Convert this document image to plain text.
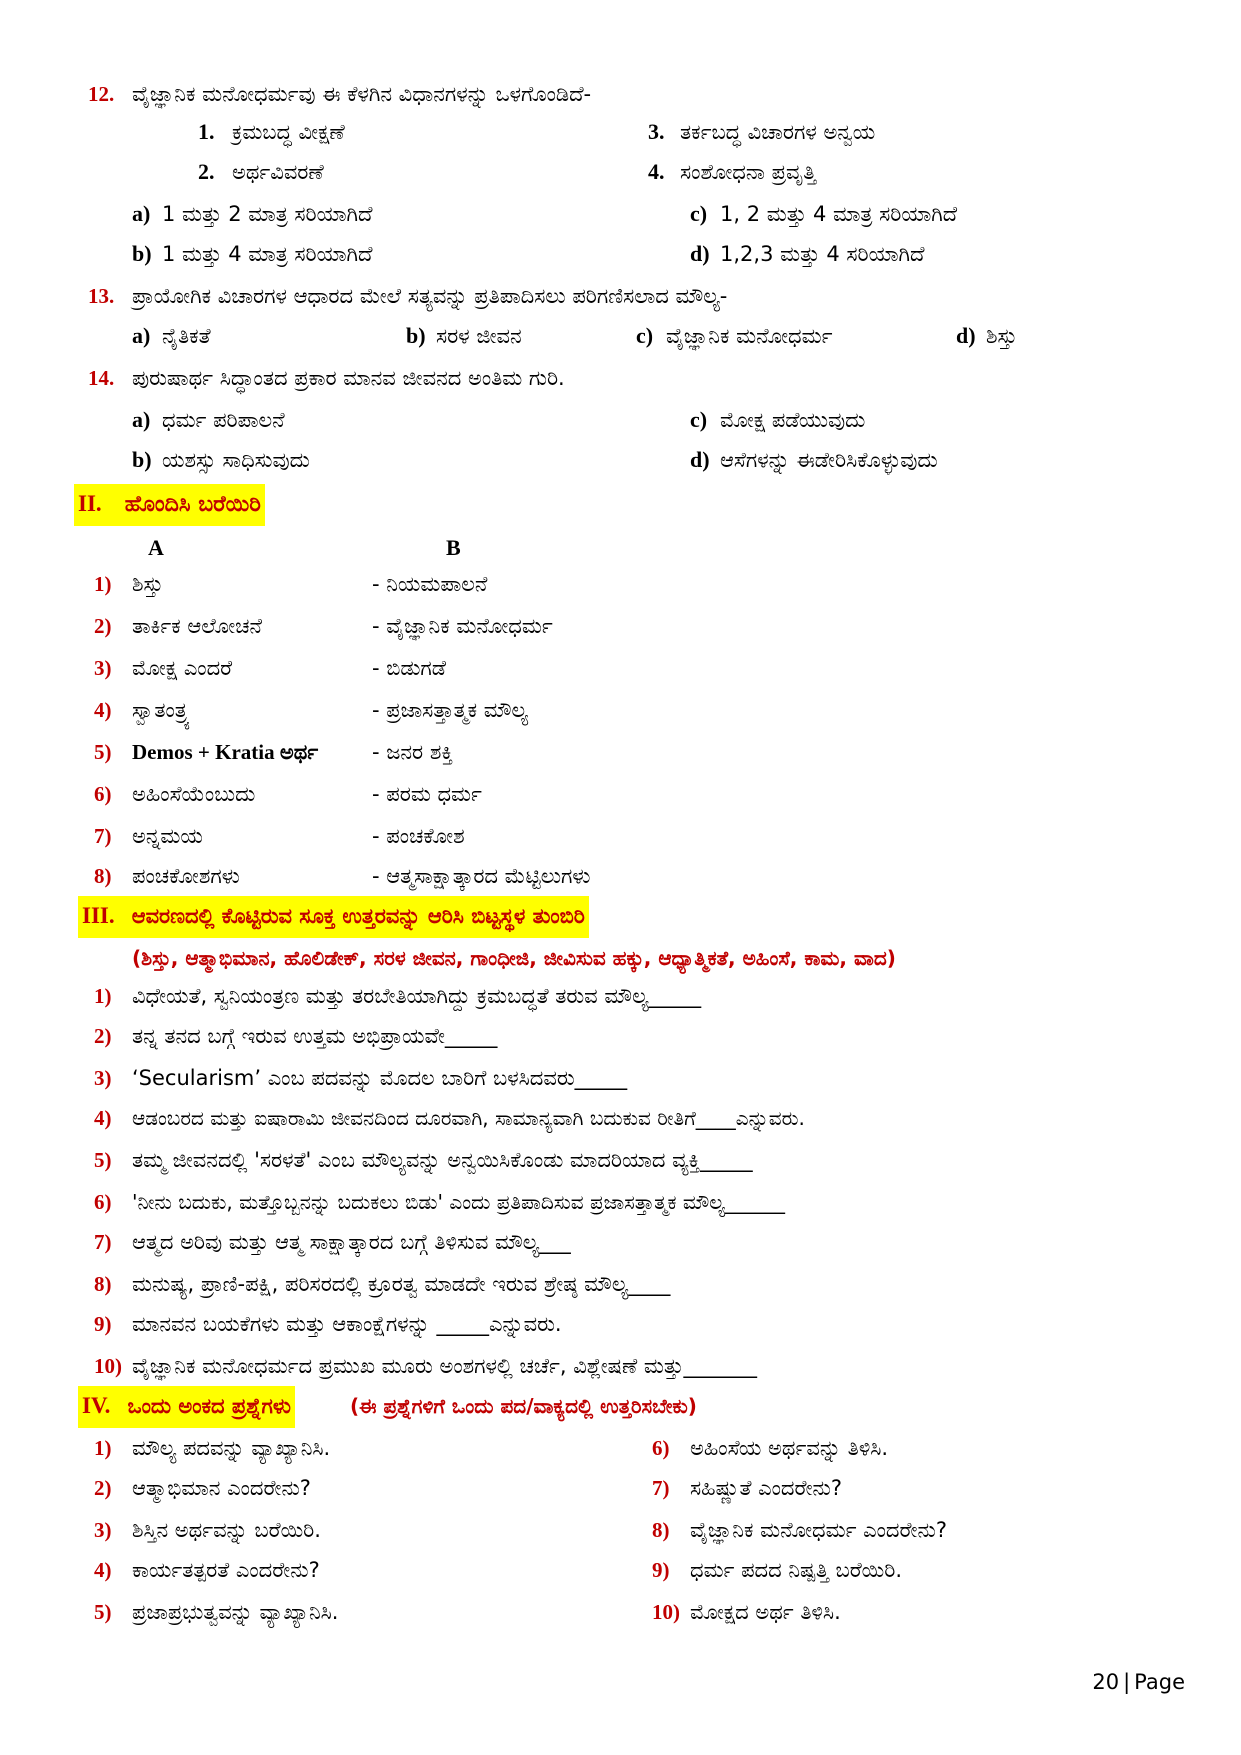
12. ವೈಜ್ಞಾನಿಕ ಮನೋಧರ್ಮವು ಈ ಕೆಳಗಿನ ವಿಧಾನಗಳನ್ನು ಒಳಗೊಂಡಿದೆ-
1. ಕ್ರಮಬದ್ಧ ವೀಕ್ಷಣೆ	3. ತರ್ಕಬದ್ಧ ವಿಚಾರಗಳ ಅನ್ವಯ
2. ಅರ್ಥವಿವರಣೆ	4. ಸಂಶೋಧನಾ ಪ್ರವೃತ್ತಿ
a) 1 ಮತ್ತು 2 ಮಾತ್ರ ಸರಿಯಾಗಿದೆ	c) 1, 2 ಮತ್ತು 4 ಮಾತ್ರ ಸರಿಯಾಗಿದೆ
b) 1 ಮತ್ತು 4 ಮಾತ್ರ ಸರಿಯಾಗಿದೆ	d) 1,2,3 ಮತ್ತು 4 ಸರಿಯಾಗಿದೆ
13. ಪ್ರಾಯೋಗಿಕ ವಿಚಾರಗಳ ಆಧಾರದ ಮೇಲೆ ಸತ್ಯವನ್ನು ಪ್ರತಿಪಾದಿಸಲು ಪರಿಗಣಿಸಲಾದ ಮೌಲ್ಯ-
a) ನೈತಿಕತೆ	b) ಸರಳ ಜೀವನ	c) ವೈಜ್ಞಾನಿಕ ಮನೋಧರ್ಮ	d) ಶಿಸ್ತು
14. ಪುರುಷಾರ್ಥ ಸಿದ್ಧಾಂತದ ಪ್ರಕಾರ ಮಾನವ ಜೀವನದ ಅಂತಿಮ ಗುರಿ.
a) ಧರ್ಮ ಪರಿಪಾಲನೆ	c) ಮೋಕ್ಷ ಪಡೆಯುವುದು
b) ಯಶಸ್ಸು ಸಾಧಿಸುವುದು	d) ಆಸೆಗಳನ್ನು ಈಡೇರಿಸಿಕೊಳ್ಳುವುದು
II. ಹೊಂದಿಸಿ ಬರೆಯಿರಿ
A	B
1) ಶಿಸ್ತು	- ನಿಯಮಪಾಲನೆ
2) ತಾರ್ಕಿಕ ಆಲೋಚನೆ	- ವೈಜ್ಞಾನಿಕ ಮನೋಧರ್ಮ
3) ಮೋಕ್ಷ ಎಂದರೆ	- ಬಿಡುಗಡೆ
4) ಸ್ವಾತಂತ್ರ್ಯ	- ಪ್ರಜಾಸತ್ತಾತ್ಮಕ ಮೌಲ್ಯ
5) Demos + Kratia ಅರ್ಥ	- ಜನರ ಶಕ್ತಿ
6) ಅಹಿಂಸೆಯೆಂಬುದು	- ಪರಮ ಧರ್ಮ
7) ಅನ್ನಮಯ	- ಪಂಚಕೋಶ
8) ಪಂಚಕೋಶಗಳು	- ಆತ್ಮಸಾಕ್ಷಾತ್ಕಾರದ ಮೆಟ್ಟಿಲುಗಳು
III. ಆವರಣದಲ್ಲಿ ಕೊಟ್ಟಿರುವ ಸೂಕ್ತ ಉತ್ತರವನ್ನು ಆರಿಸಿ ಬಿಟ್ಟಸ್ಥಳ ತುಂಬಿರಿ
(ಶಿಸ್ತು, ಆತ್ಮಾಭಿಮಾನ, ಹೊಲಿಡೇಕ್, ಸರಳ ಜೀವನ, ಗಾಂಧೀಜಿ, ಜೀವಿಸುವ ಹಕ್ಕು, ಆಧ್ಯಾತ್ಮಿಕತೆ, ಅಹಿಂಸೆ, ಕಾಮ, ವಾದ)
1) ವಿಧೇಯತೆ, ಸ್ವನಿಯಂತ್ರಣ ಮತ್ತು ತರಬೇತಿಯಾಗಿದ್ದು ಕ್ರಮಬದ್ಧತೆ ತರುವ ಮೌಲ್ಯ_____
2) ತನ್ನ ತನದ ಬಗ್ಗೆ ಇರುವ ಉತ್ತಮ ಅಭಿಪ್ರಾಯವೇ_____
3) ‘Secularism’ ಎಂಬ ಪದವನ್ನು ಮೊದಲ ಬಾರಿಗೆ ಬಳಸಿದವರು_____
4) ಆಡಂಬರದ ಮತ್ತು ಐಷಾರಾಮಿ ಜೀವನದಿಂದ ದೂರವಾಗಿ, ಸಾಮಾನ್ಯವಾಗಿ ಬದುಕುವ ರೀತಿಗೆ____ಎನ್ನುವರು.
5) ತಮ್ಮ ಜೀವನದಲ್ಲಿ 'ಸರಳತೆ' ಎಂಬ ಮೌಲ್ಯವನ್ನು ಅನ್ವಯಿಸಿಕೊಂಡು ಮಾದರಿಯಾದ ವ್ಯಕ್ತಿ_____
6) 'ನೀನು ಬದುಕು, ಮತ್ತೊಬ್ಬನನ್ನು ಬದುಕಲು ಬಿಡು' ಎಂದು ಪ್ರತಿಪಾದಿಸುವ ಪ್ರಜಾಸತ್ತಾತ್ಮಕ ಮೌಲ್ಯ______
7) ಆತ್ಮದ ಅರಿವು ಮತ್ತು ಆತ್ಮ ಸಾಕ್ಷಾತ್ಕಾರದ ಬಗ್ಗೆ ತಿಳಿಸುವ ಮೌಲ್ಯ___
8) ಮನುಷ್ಯ, ಪ್ರಾಣಿ-ಪಕ್ಷಿ, ಪರಿಸರದಲ್ಲಿ ಕ್ರೂರತ್ವ ಮಾಡದೇ ಇರುವ ಶ್ರೇಷ್ಠ ಮೌಲ್ಯ____
9) ಮಾನವನ ಬಯಕೆಗಳು ಮತ್ತು ಆಕಾಂಕ್ಷೆಗಳನ್ನು _____ಎನ್ನುವರು.
10) ವೈಜ್ಞಾನಿಕ ಮನೋಧರ್ಮದ ಪ್ರಮುಖ ಮೂರು ಅಂಶಗಳಲ್ಲಿ ಚರ್ಚೆ, ವಿಶ್ಲೇಷಣೆ ಮತ್ತು_______
IV. ಒಂದು ಅಂಕದ ಪ್ರಶ್ನೆಗಳು	(ಈ ಪ್ರಶ್ನೆಗಳಿಗೆ ಒಂದು ಪದ/ವಾಕ್ಯದಲ್ಲಿ ಉತ್ತರಿಸಬೇಕು)
1) ಮೌಲ್ಯ ಪದವನ್ನು ವ್ಯಾಖ್ಯಾನಿಸಿ.	6) ಅಹಿಂಸೆಯ ಅರ್ಥವನ್ನು ತಿಳಿಸಿ.
2) ಆತ್ಮಾಭಿಮಾನ ಎಂದರೇನು?	7) ಸಹಿಷ್ಣುತೆ ಎಂದರೇನು?
3) ಶಿಸ್ತಿನ ಅರ್ಥವನ್ನು ಬರೆಯಿರಿ.	8) ವೈಜ್ಞಾನಿಕ ಮನೋಧರ್ಮ ಎಂದರೇನು?
4) ಕಾರ್ಯತತ್ಪರತೆ ಎಂದರೇನು?	9) ಧರ್ಮ ಪದದ ನಿಷ್ಪತ್ತಿ ಬರೆಯಿರಿ.
5) ಪ್ರಜಾಪ್ರಭುತ್ವವನ್ನು ವ್ಯಾಖ್ಯಾನಿಸಿ.	10) ಮೋಕ್ಷದ ಅರ್ಥ ತಿಳಿಸಿ.
20 | Page
